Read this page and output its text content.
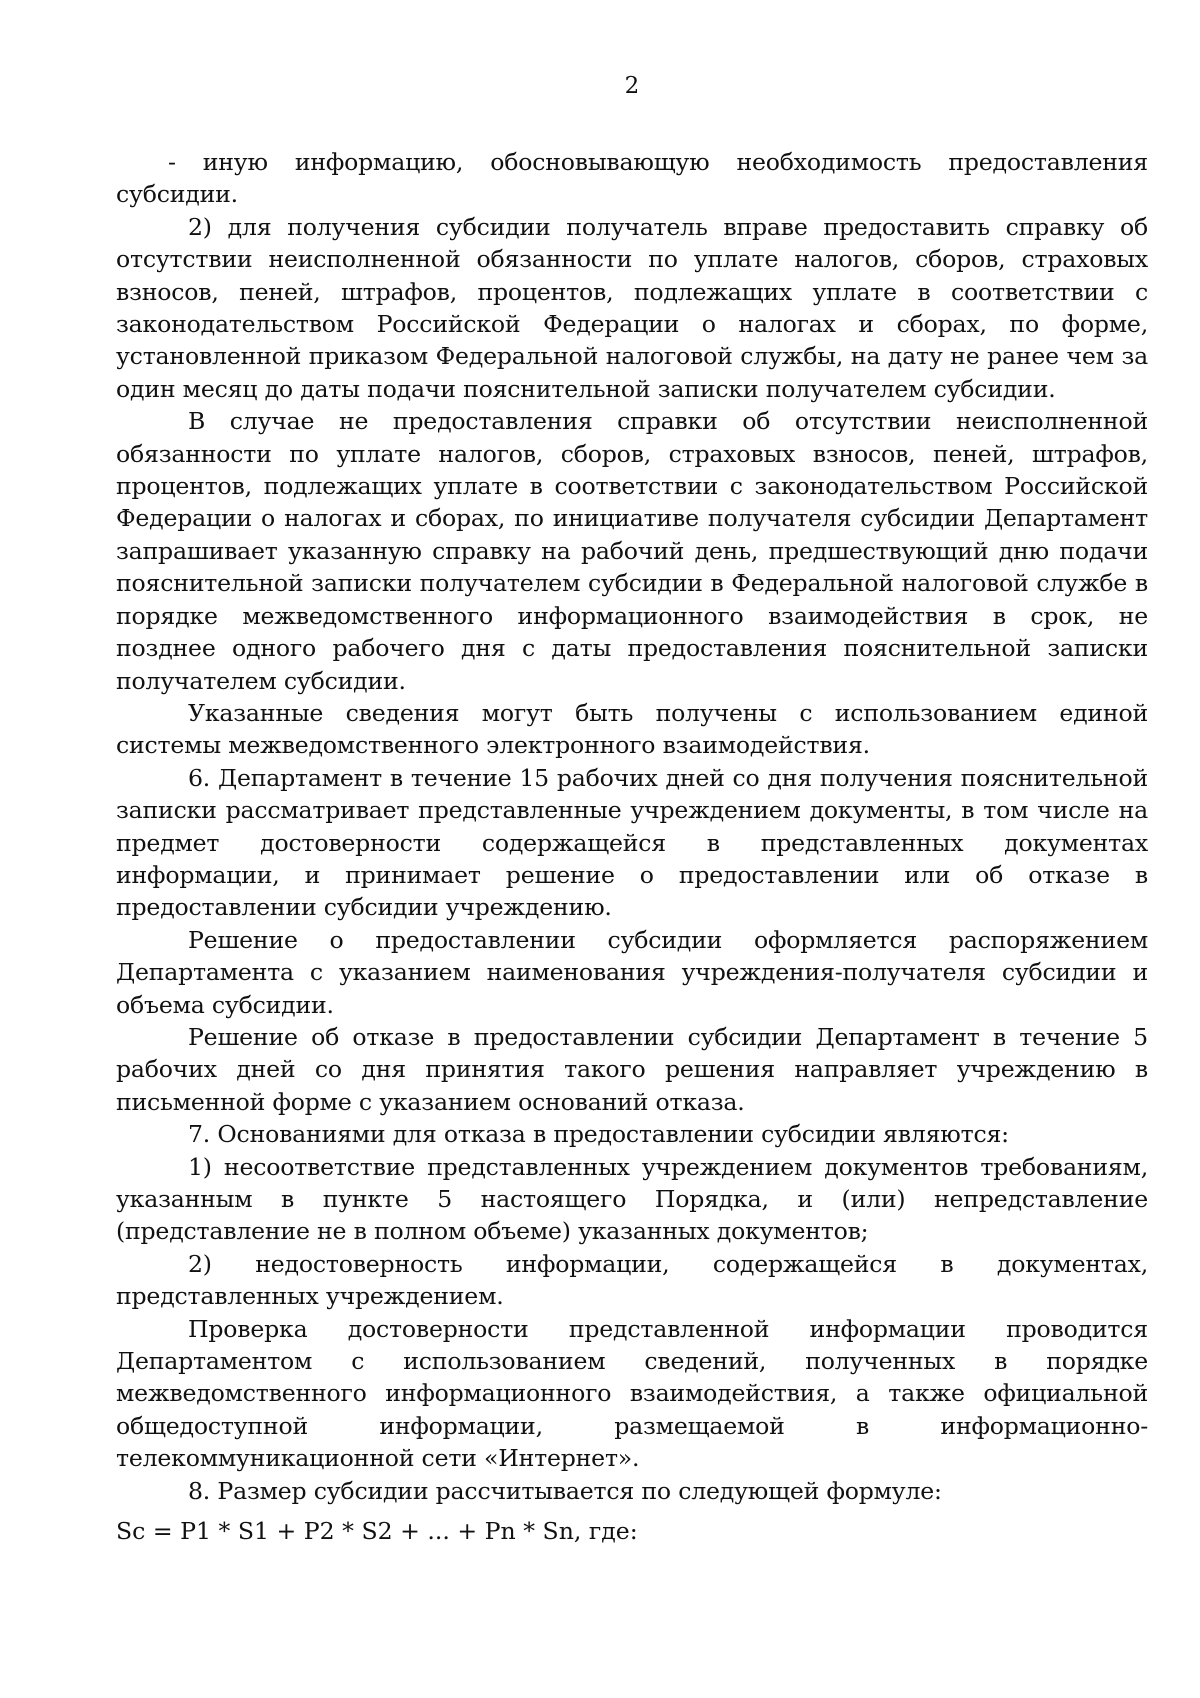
2

- иную информацию, обосновывающую необходимость предоставления субсидии.

2) для получения субсидии получатель вправе предоставить справку об отсутствии неисполненной обязанности по уплате налогов, сборов, страховых взносов, пеней, штрафов, процентов, подлежащих уплате в соответствии с законодательством Российской Федерации о налогах и сборах, по форме, установленной приказом Федеральной налоговой службы, на дату не ранее чем за один месяц до даты подачи пояснительной записки получателем субсидии.

В случае не предоставления справки об отсутствии неисполненной обязанности по уплате налогов, сборов, страховых взносов, пеней, штрафов, процентов, подлежащих уплате в соответствии с законодательством Российской Федерации о налогах и сборах, по инициативе получателя субсидии Департамент запрашивает указанную справку на рабочий день, предшествующий дню подачи пояснительной записки получателем субсидии в Федеральной налоговой службе в порядке межведомственного информационного взаимодействия в срок, не позднее одного рабочего дня с даты предоставления пояснительной записки получателем субсидии.

Указанные сведения могут быть получены с использованием единой системы межведомственного электронного взаимодействия.

6. Департамент в течение 15 рабочих дней со дня получения пояснительной записки рассматривает представленные учреждением документы, в том числе на предмет достоверности содержащейся в представленных документах информации, и принимает решение о предоставлении или об отказе в предоставлении субсидии учреждению.

Решение о предоставлении субсидии оформляется распоряжением Департамента с указанием наименования учреждения-получателя субсидии и объема субсидии.

Решение об отказе в предоставлении субсидии Департамент в течение 5 рабочих дней со дня принятия такого решения направляет учреждению в письменной форме с указанием оснований отказа.

7. Основаниями для отказа в предоставлении субсидии являются:

1) несоответствие представленных учреждением документов требованиям, указанным в пункте 5 настоящего Порядка, и (или) непредставление (представление не в полном объеме) указанных документов;

2) недостоверность информации, содержащейся в документах, представленных учреждением.

Проверка достоверности представленной информации проводится Департаментом с использованием сведений, полученных в порядке межведомственного информационного взаимодействия, а также официальной общедоступной информации, размещаемой в информационно-телекоммуникационной сети «Интернет».

8. Размер субсидии рассчитывается по следующей формуле:

Sc = P1 * S1 + P2 * S2 + ... + Pn * Sn, где:
